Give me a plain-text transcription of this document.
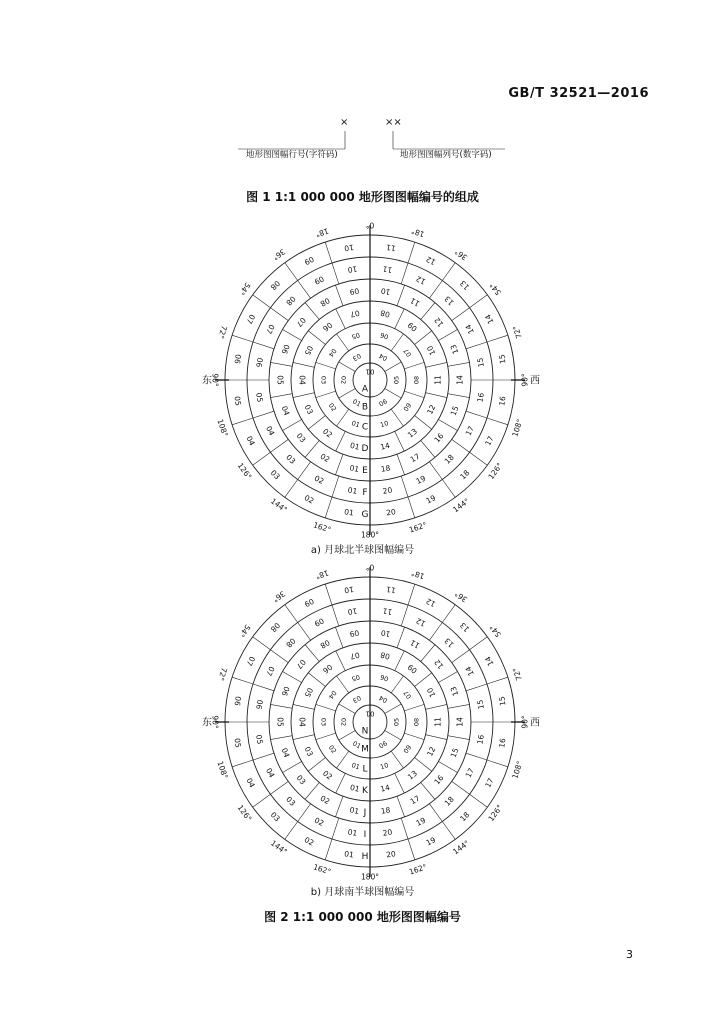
GB/T 32521—2016
×	××
地形图图幅行号(字符码)	地形图图幅列号(数字码)
图 1 1:1 000 000 地形图图幅编号的组成
01
01
02
03 04
05
06
01
02
03
04
05	06
07
08
09
10
01
02
03
04
05
06
07	08
09
10
11
12
13
14
01
02
03
04
05
06
07
08
09	10
11
12
13
14
15
16
17
18
01
02
03
04
05
06
07
08
09
10	11
12
13
14
15
16
17
18
19
20
01
02
03
04
05
06
07
08
09
10	11
12
13
14
15
16
17
18
19
20
A
B
C
D
E
F
G
0°
18°
18°
36°
36°
54°
54°
72°
72°
90°
90°
108°
108°
126°
126°
144°
144°
162°
162°
180°
东	西
a) 月球北半球图幅编号
01
01
02
03 04
05
06
01
02
03
04
05	06
07
08
09
10
01
02
03
04
05
06
07	08
09
10
11
12
13
14
01
02
03
04
05
06
07
08
09	10
11
12
13
14
15
16
17
18
01
02
03
04
05
06
07
08
09
10	11
12
13
14
15
16
17
18
19
20
01
02
03
04
05
06
07
08
09
10	11
12
13
14
15
16
17
18
19
20
N
M
L
K
J
I
H
0°
18°
18°
36°
36°
54°
54°
72°
72°
90°
90°
108°
108°
126°
126°
144°
144°
162°
162°
180°
东	西
b) 月球南半球图幅编号
图 2 1:1 000 000 地形图图幅编号
3
